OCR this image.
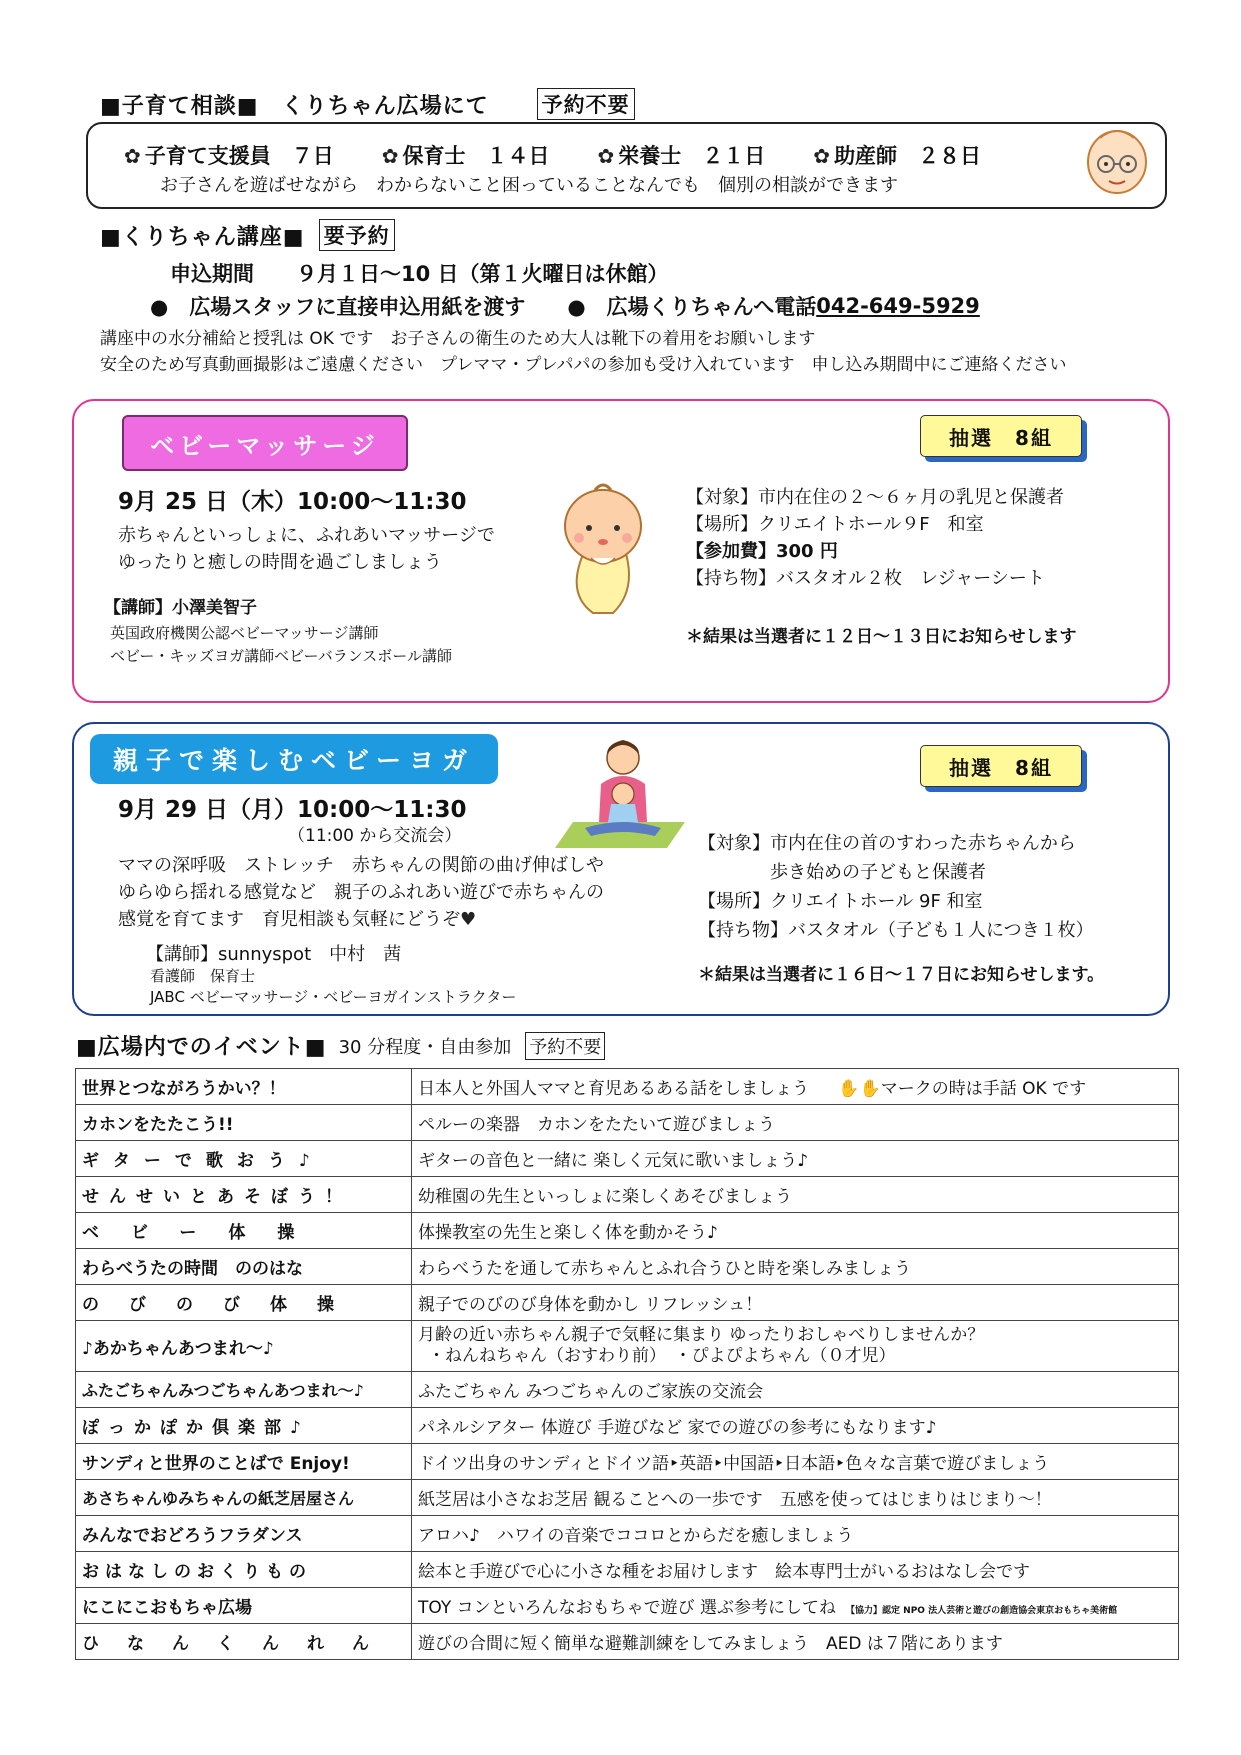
■子育て相談■　くりちゃん広場にて	予約不要
✿ 子育て支援員　７日 ✿ 保育士　１４日 ✿ 栄養士　２１日 ✿ 助産師　２８日
お子さんを遊ばせながら　わからないこと困っていることなんでも　個別の相談ができます
■くりちゃん講座■ 要予約
申込期間　　９月１日～10 日（第１火曜日は休館）
●　広場スタッフに直接申込用紙を渡す ●　広場くりちゃんへ電話 042-649-5929
講座中の水分補給と授乳は OK です　お子さんの衛生のため大人は靴下の着用をお願いします
安全のため写真動画撮影はご遠慮ください　プレママ・プレパパの参加も受け入れています　申し込み期間中にご連絡ください
ベビーマッサージ	抽選　8組
9月 25 日（木）10:00～11:30
赤ちゃんといっしょに、ふれあいマッサージで
ゆったりと癒しの時間を過ごしましょう
【講師】小澤美智子
英国政府機関公認ベビーマッサージ講師
ベビー・キッズヨガ講師ベビーバランスボール講師
【対象】市内在住の２～６ヶ月の乳児と保護者
【場所】クリエイトホール９F　和室
【参加費】300 円
【持ち物】バスタオル２枚　レジャーシート
＊結果は当選者に１２日～１３日にお知らせします
親子で楽しむベビーヨガ	抽選　8組
9月 29 日（月）10:00～11:30
（11:00 から交流会）
ママの深呼吸　ストレッチ　赤ちゃんの関節の曲げ伸ばしや
ゆらゆら揺れる感覚など　親子のふれあい遊びで赤ちゃんの
感覚を育てます　育児相談も気軽にどうぞ♥
【講師】sunnyspot　中村　茜
看護師　保育士
JABC ベビーマッサージ・ベビーヨガインストラクター
【対象】市内在住の首のすわった赤ちゃんから
歩き始めの子どもと保護者
【場所】クリエイトホール 9F 和室
【持ち物】バスタオル（子ども１人につき１枚）
＊結果は当選者に１６日～１７日にお知らせします。
■広場内でのイベント■ 30 分程度・自由参加 予約不要
世界とつながろうかい？！	日本人と外国人ママと育児あるある話をしましょう ✋✋マークの時は手話 OK です
カホンをたたこう!!	ペルーの楽器　カホンをたたいて遊びましょう
ギターで歌おう♪	ギターの音色と一緒に 楽しく元気に歌いましょう♪
せんせいとあそぼう！	幼稚園の先生といっしょに楽しくあそびましょう
ベビー体操	体操教室の先生と楽しく体を動かそう♪
わらべうたの時間　ののはな	わらべうたを通して赤ちゃんとふれ合うひと時を楽しみましょう
のびのび体操	親子でのびのび身体を動かし リフレッシュ！
♪あかちゃんあつまれ～♪	月齢の近い赤ちゃん親子で気軽に集まり ゆったりおしゃべりしませんか？
・ねんねちゃん（おすわり前）　・ぴよぴよちゃん（０才児）

ふたごちゃんみつごちゃんあつまれ～♪	ふたごちゃん みつごちゃんのご家族の交流会
ぽっかぽか倶楽部♪	パネルシアター 体遊び 手遊びなど 家での遊びの参考にもなります♪
サンディと世界のことばで Enjoy!	ドイツ出身のサンディとドイツ語‣英語‣中国語‣日本語‣色々な言葉で遊びましょう
あさちゃんゆみちゃんの紙芝居屋さん	紙芝居は小さなお芝居 観ることへの一歩です　五感を使ってはじまりはじまり～！
みんなでおどろうフラダンス	アロハ♪　ハワイの音楽でココロとからだを癒しましょう
おはなしのおくりもの	絵本と手遊びで心に小さな種をお届けします　絵本専門士がいるおはなし会です
にこにこおもちゃ広場	TOY コンといろんなおもちゃで遊び 選ぶ参考にしてね 【協力】認定 NPO 法人芸術と遊びの創造協会東京おもちゃ美術館
ひなんくんれん	遊びの合間に短く簡単な避難訓練をしてみましょう　AED は７階にあります
